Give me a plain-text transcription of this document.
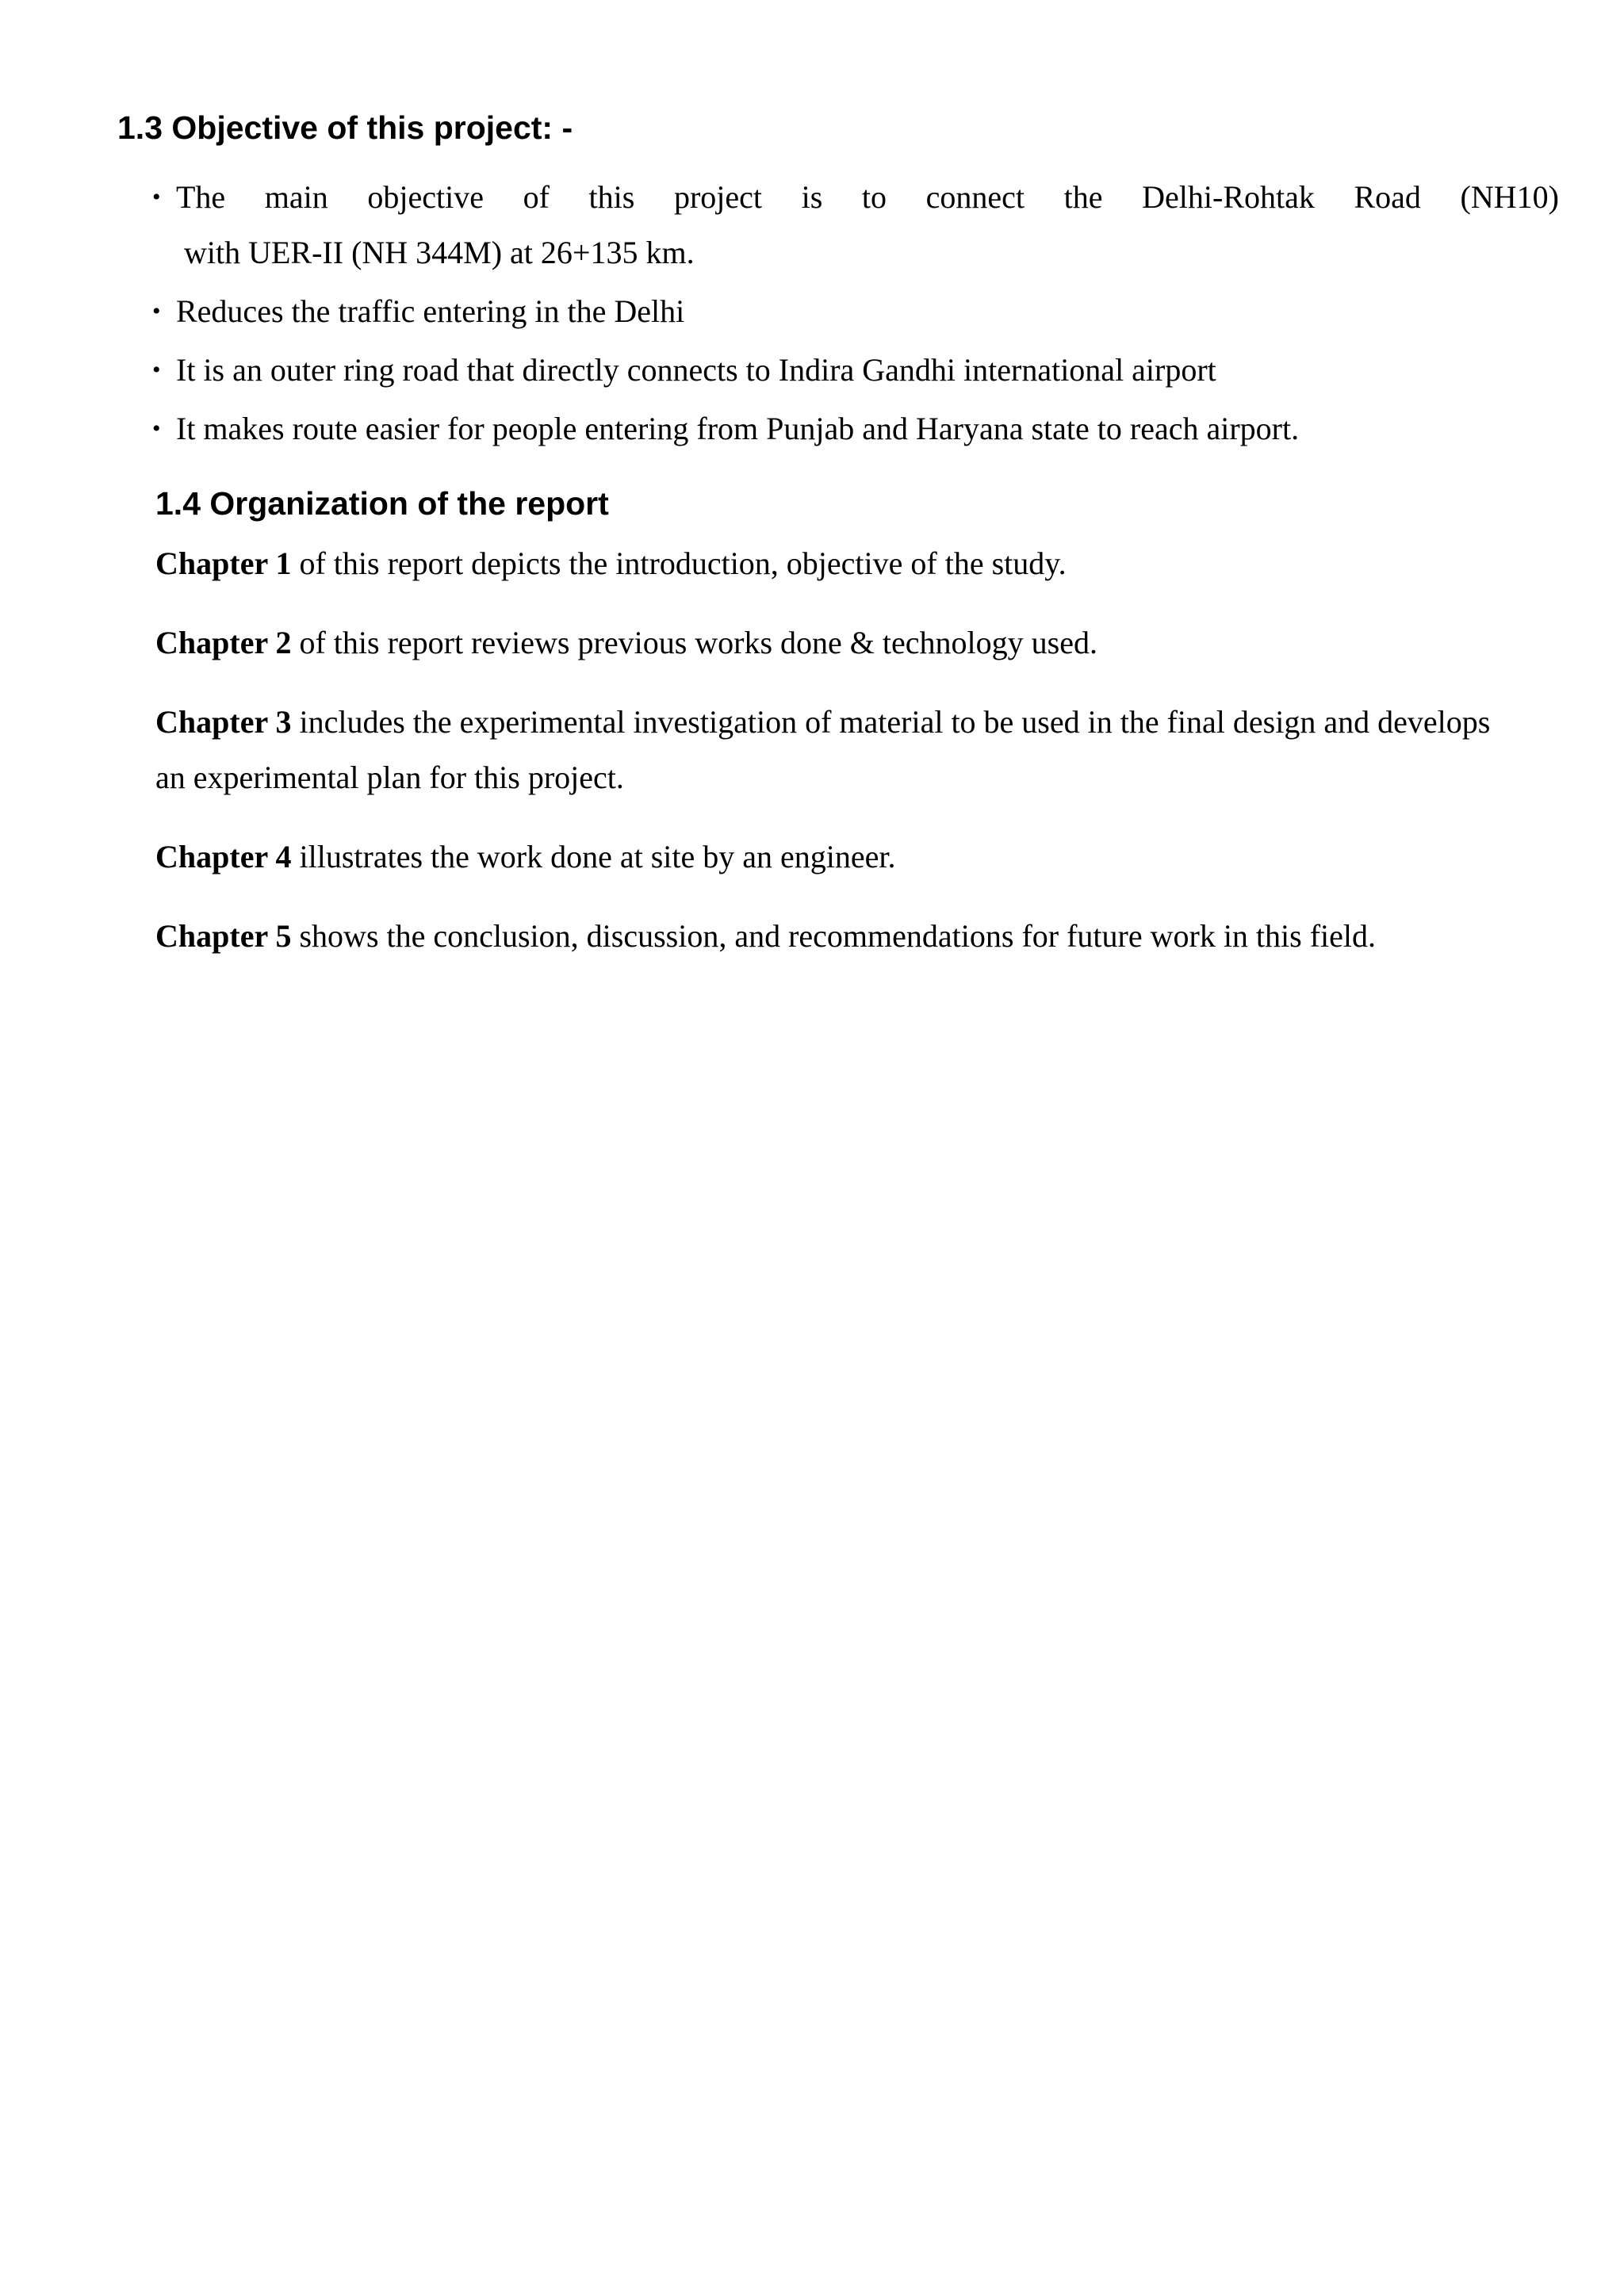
1.3 Objective of this project: -
• The main objective of this project is to connect the Delhi-Rohtak Road (NH10)
with UER-II (NH 344M) at 26+135 km.
• Reduces the traffic entering in the Delhi
• It is an outer ring road that directly connects to Indira Gandhi international airport
• It makes route easier for people entering from Punjab and Haryana state to reach airport.
1.4 Organization of the report

Chapter 1 of this report depicts the introduction, objective of the study.

Chapter 2 of this report reviews previous works done & technology used.

Chapter 3 includes the experimental investigation of material to be used in the final design and develops an experimental plan for this project.

Chapter 4 illustrates the work done at site by an engineer.

Chapter 5 shows the conclusion, discussion, and recommendations for future work in this field.
